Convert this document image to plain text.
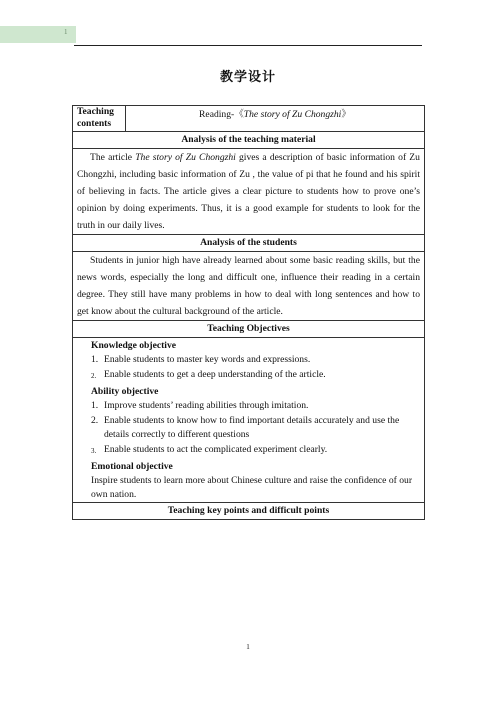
1
教学设计
Teaching contents	Reading-《The story of Zu Chongzhi》
Analysis of the teaching material

The article The story of Zu Chongzhi gives a description of basic information of Zu Chongzhi, including basic information of Zu , the value of pi that he found and his spirit of believing in facts. The article gives a clear picture to students how to prove one’s opinion by doing experiments. Thus, it is a good example for students to look for the truth in our daily lives.

Analysis of the students

Students in junior high have already learned about some basic reading skills, but the news words, especially the long and difficult one, influence their reading in a certain degree. They still have many problems in how to deal with long sentences and how to get know about the cultural background of the article.

Teaching Objectives

Knowledge objective
1. Enable students to master key words and expressions.
2. Enable students to get a deep understanding of the article.
Ability objective
1. Improve students’ reading abilities through imitation.
2. Enable students to know how to find important details accurately and use the details correctly to different questions
3. Enable students to act the complicated experiment clearly.
Emotional objective
Inspire students to learn more about Chinese culture and raise the confidence of our own nation.

Teaching key points and difficult points
1
